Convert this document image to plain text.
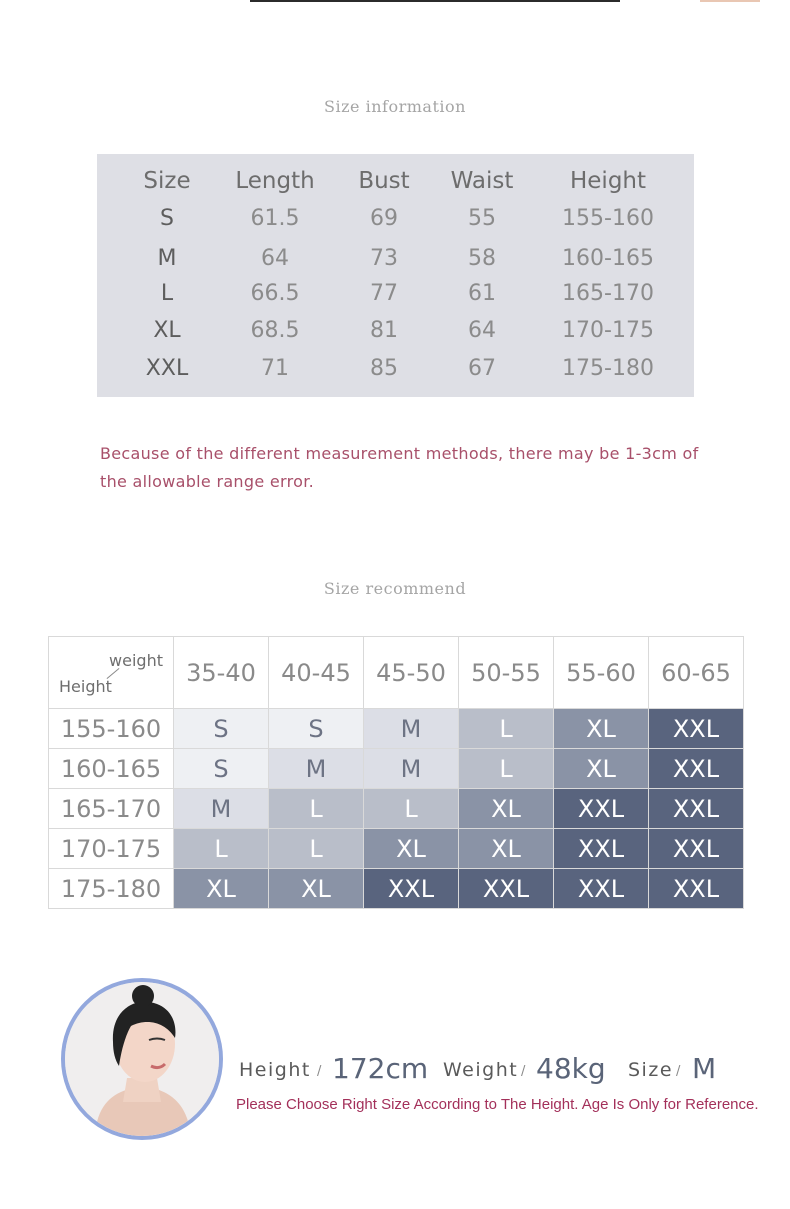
Size information
Size	Length	Bust	Waist	Height
S	61.5	69	55	155-160
M	64	73	58	160-165
L	66.5	77	61	165-170
XL	68.5	81	64	170-175
XXL	71	85	67	175-180
Because of the different measurement methods, there may be 1-3cm of the allowable range error.
Size recommend
weight
Height	35-40	40-45	45-50	50-55	55-60	60-65
155-160	S	S	M	L	XL	XXL
160-165	S	M	M	L	XL	XXL
165-170	M	L	L	XL	XXL	XXL
170-175	L	L	XL	XL	XXL	XXL
175-180	XL	XL	XXL	XXL	XXL	XXL
Height / 172cm Weight / 48kg Size / M
Please Choose Right Size According to The Height. Age Is Only for Reference.
